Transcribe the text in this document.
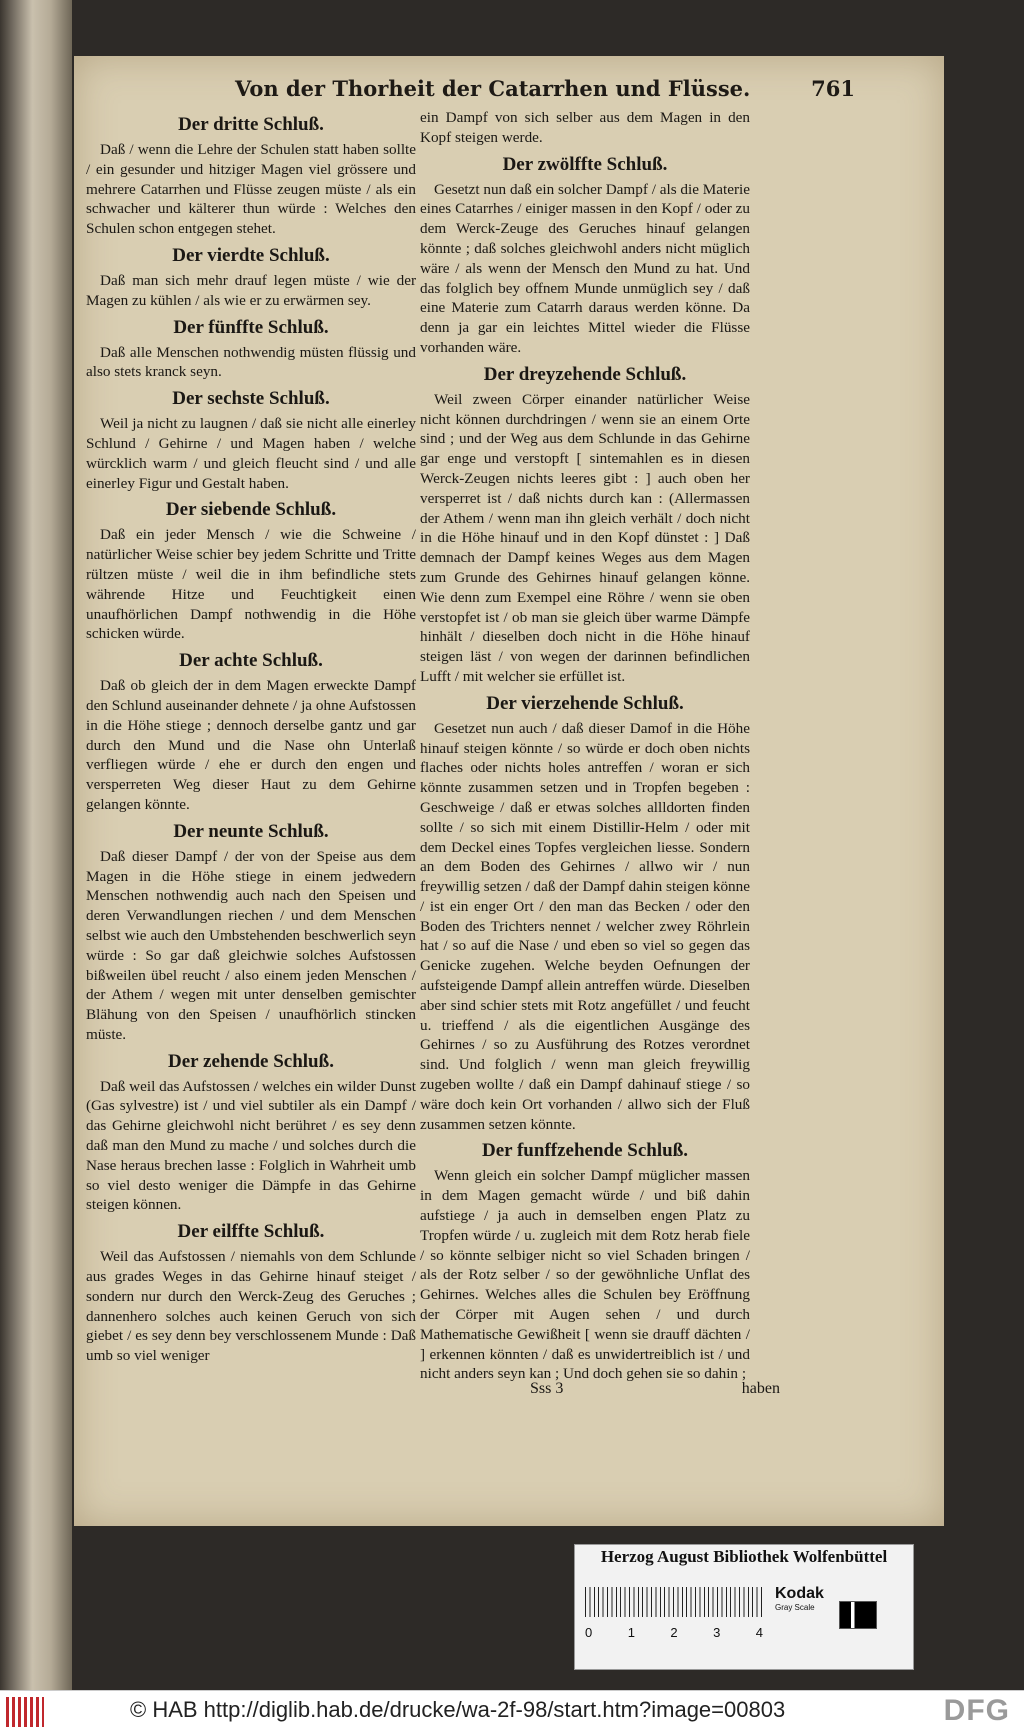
Von der Thorheit der Catarrhen und Flüsse.	761
Der dritte Schluß.

Daß / wenn die Lehre der Schulen statt haben sollte / ein gesunder und hitziger Magen viel grössere und mehrere Catarrhen und Flüsse zeugen müste / als ein schwacher und kälterer thun würde : Welches den Schulen schon entgegen stehet.

Der vierdte Schluß.

Daß man sich mehr drauf legen müste / wie der Magen zu kühlen / als wie er zu erwärmen sey.

Der fünffte Schluß.

Daß alle Menschen nothwendig müsten flüssig und also stets kranck seyn.

Der sechste Schluß.

Weil ja nicht zu laugnen / daß sie nicht alle einerley Schlund / Gehirne / und Magen haben / welche würcklich warm / und gleich fleucht sind / und alle einerley Figur und Gestalt haben.

Der siebende Schluß.

Daß ein jeder Mensch / wie die Schweine / natürlicher Weise schier bey jedem Schritte und Tritte rültzen müste / weil die in ihm befindliche stets währende Hitze und Feuchtigkeit einen unaufhörlichen Dampf nothwendig in die Höhe schicken würde.

Der achte Schluß.

Daß ob gleich der in dem Magen erweckte Dampf den Schlund auseinander dehnete / ja ohne Aufstossen in die Höhe stiege ; dennoch derselbe gantz und gar durch den Mund und die Nase ohn Unterlaß verfliegen würde / ehe er durch den engen und versperreten Weg dieser Haut zu dem Gehirne gelangen könnte.

Der neunte Schluß.

Daß dieser Dampf / der von der Speise aus dem Magen in die Höhe stiege in einem jedwedern Menschen nothwendig auch nach den Speisen und deren Verwandlungen riechen / und dem Menschen selbst wie auch den Umbstehenden beschwerlich seyn würde : So gar daß gleichwie solches Aufstossen bißweilen übel reucht / also einem jeden Menschen / der Athem / wegen mit unter denselben gemischter Blähung von den Speisen / unaufhörlich stincken müste.

Der zehende Schluß.

Daß weil das Aufstossen / welches ein wilder Dunst (Gas sylvestre) ist / und viel subtiler als ein Dampf / das Gehirne gleichwohl nicht berühret / es sey denn daß man den Mund zu mache / und solches durch die Nase heraus brechen lasse : Folglich in Wahrheit umb so viel desto weniger die Dämpfe in das Gehirne steigen können.

Der eilffte Schluß.

Weil das Aufstossen / niemahls von dem Schlunde aus grades Weges in das Gehirne hinauf steiget / sondern nur durch den Werck-Zeug des Geruches ; dannenhero solches auch keinen Geruch von sich giebet / es sey denn bey verschlossenem Munde : Daß umb so viel weniger

ein Dampf von sich selber aus dem Magen in den Kopf steigen werde.

Der zwölffte Schluß.

Gesetzt nun daß ein solcher Dampf / als die Materie eines Catarrhes / einiger massen in den Kopf / oder zu dem Werck-Zeuge des Geruches hinauf gelangen könnte ; daß solches gleichwohl anders nicht müglich wäre / als wenn der Mensch den Mund zu hat. Und das folglich bey offnem Munde unmüglich sey / daß eine Materie zum Catarrh daraus werden könne. Da denn ja gar ein leichtes Mittel wieder die Flüsse vorhanden wäre.

Der dreyzehende Schluß.

Weil zween Cörper einander natürlicher Weise nicht können durchdringen / wenn sie an einem Orte sind ; und der Weg aus dem Schlunde in das Gehirne gar enge und verstopft [ sintemahlen es in diesen Werck-Zeugen nichts leeres gibt : ] auch oben her versperret ist / daß nichts durch kan : (Allermassen der Athem / wenn man ihn gleich verhält / doch nicht in die Höhe hinauf und in den Kopf dünstet : ] Daß demnach der Dampf keines Weges aus dem Magen zum Grunde des Gehirnes hinauf gelangen könne. Wie denn zum Exempel eine Röhre / wenn sie oben verstopfet ist / ob man sie gleich über warme Dämpfe hinhält / dieselben doch nicht in die Höhe hinauf steigen läst / von wegen der darinnen befindlichen Lufft / mit welcher sie erfüllet ist.

Der vierzehende Schluß.

Gesetzet nun auch / daß dieser Damof in die Höhe hinauf steigen könnte / so würde er doch oben nichts flaches oder nichts holes antreffen / woran er sich könnte zusammen setzen und in Tropfen begeben : Geschweige / daß er etwas solches allldorten finden sollte / so sich mit einem Distillir-Helm / oder mit dem Deckel eines Topfes vergleichen liesse. Sondern an dem Boden des Gehirnes / allwo wir / nun freywillig setzen / daß der Dampf dahin steigen könne / ist ein enger Ort / den man das Becken / oder den Boden des Trichters nennet / welcher zwey Röhrlein hat / so auf die Nase / und eben so viel so gegen das Genicke zugehen. Welche beyden Oefnungen der aufsteigende Dampf allein antreffen würde. Dieselben aber sind schier stets mit Rotz angefüllet / und feucht u. trieffend / als die eigentlichen Ausgänge des Gehirnes / so zu Ausführung des Rotzes verordnet sind. Und folglich / wenn man gleich freywillig zugeben wollte / daß ein Dampf dahinauf stiege / so wäre doch kein Ort vorhanden / allwo sich der Fluß zusammen setzen könnte.

Der funffzehende Schluß.

Wenn gleich ein solcher Dampf müglicher massen in dem Magen gemacht würde / und biß dahin aufstiege / ja auch in demselben engen Platz zu Tropfen würde / u. zugleich mit dem Rotz herab fiele / so könnte selbiger nicht so viel Schaden bringen / als der Rotz selber / so der gewöhnliche Unflat des Gehirnes. Welches alles die Schulen bey Eröffnung der Cörper mit Augen sehen / und durch Mathematische Gewißheit [ wenn sie drauff dächten / ] erkennen könnten / daß es unwidertreiblich ist / und nicht anders seyn kan ; Und doch gehen sie so dahin ;

Sss 3	haben
Herzog August Bibliothek Wolfenbüttel
0	1	2	3	4
Kodak
Gray Scale
© HAB http://diglib.hab.de/drucke/wa-2f-98/start.htm?image=00803	DFG
